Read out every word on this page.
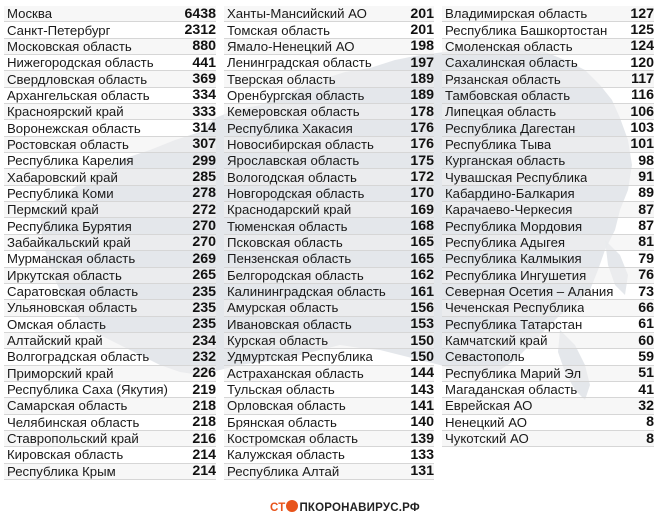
Москва	6438
Санкт-Петербург	2312
Московская область	880
Нижегородская область	441
Свердловская область	369
Архангельская область	334
Красноярский край	333
Воронежская область	314
Ростовская область	307
Республика Карелия	299
Хабаровский край	285
Республика Коми	278
Пермский край	272
Республика Бурятия	270
Забайкальский край	270
Мурманская область	269
Иркутская область	265
Саратовская область	235
Ульяновская область	235
Омская область	235
Алтайский край	234
Волгоградская область	232
Приморский край	226
Республика Саха (Якутия) 219
Самарская область	218
Челябинская область	218
Ставропольский край	216
Кировская область	214
Республика Крым	214
Ханты-Мансийский АО	201
Томская область	201
Ямало-Ненецкий АО	198
Ленинградская область	197
Тверская область	189
Оренбургская область	189
Кемеровская область	178
Республика Хакасия	176
Новосибирская область	176
Ярославская область	175
Вологодская область	172
Новгородская область	170
Краснодарский край	169
Тюменская область	168
Псковская область	165
Пензенская область	165
Белгородская область	162
Калининградская область 161
Амурская область	156
Ивановская область	153
Курская область	150
Удмуртская Республика	150
Астраханская область	144
Тульская область	143
Орловская область	141
Брянская область	140
Костромская область	139
Калужская область	133
Республика Алтай	131
Владимирская область	127
Республика Башкортостан 125
Смоленская область	124
Сахалинская область	120
Рязанская область	117
Тамбовская область	116
Липецкая область	106
Республика Дагестан	103
Республика Тыва	101
Курганская область	98
Чувашская Республика	91
Кабардино-Балкария	89
Карачаево-Черкесия	87
Республика Мордовия	87
Республика Адыгея	81
Республика Калмыкия	79
Республика Ингушетия	76
Северная Осетия – Алания 73
Чеченская Республика	66
Республика Татарстан	61
Камчатский край	60
Севастополь	59
Республика Марий Эл	51
Магаданская область	41
Еврейская АО	32
Ненецкий АО	8
Чукотский АО	8
СТ ПКОРОНАВИРУС.РФ
